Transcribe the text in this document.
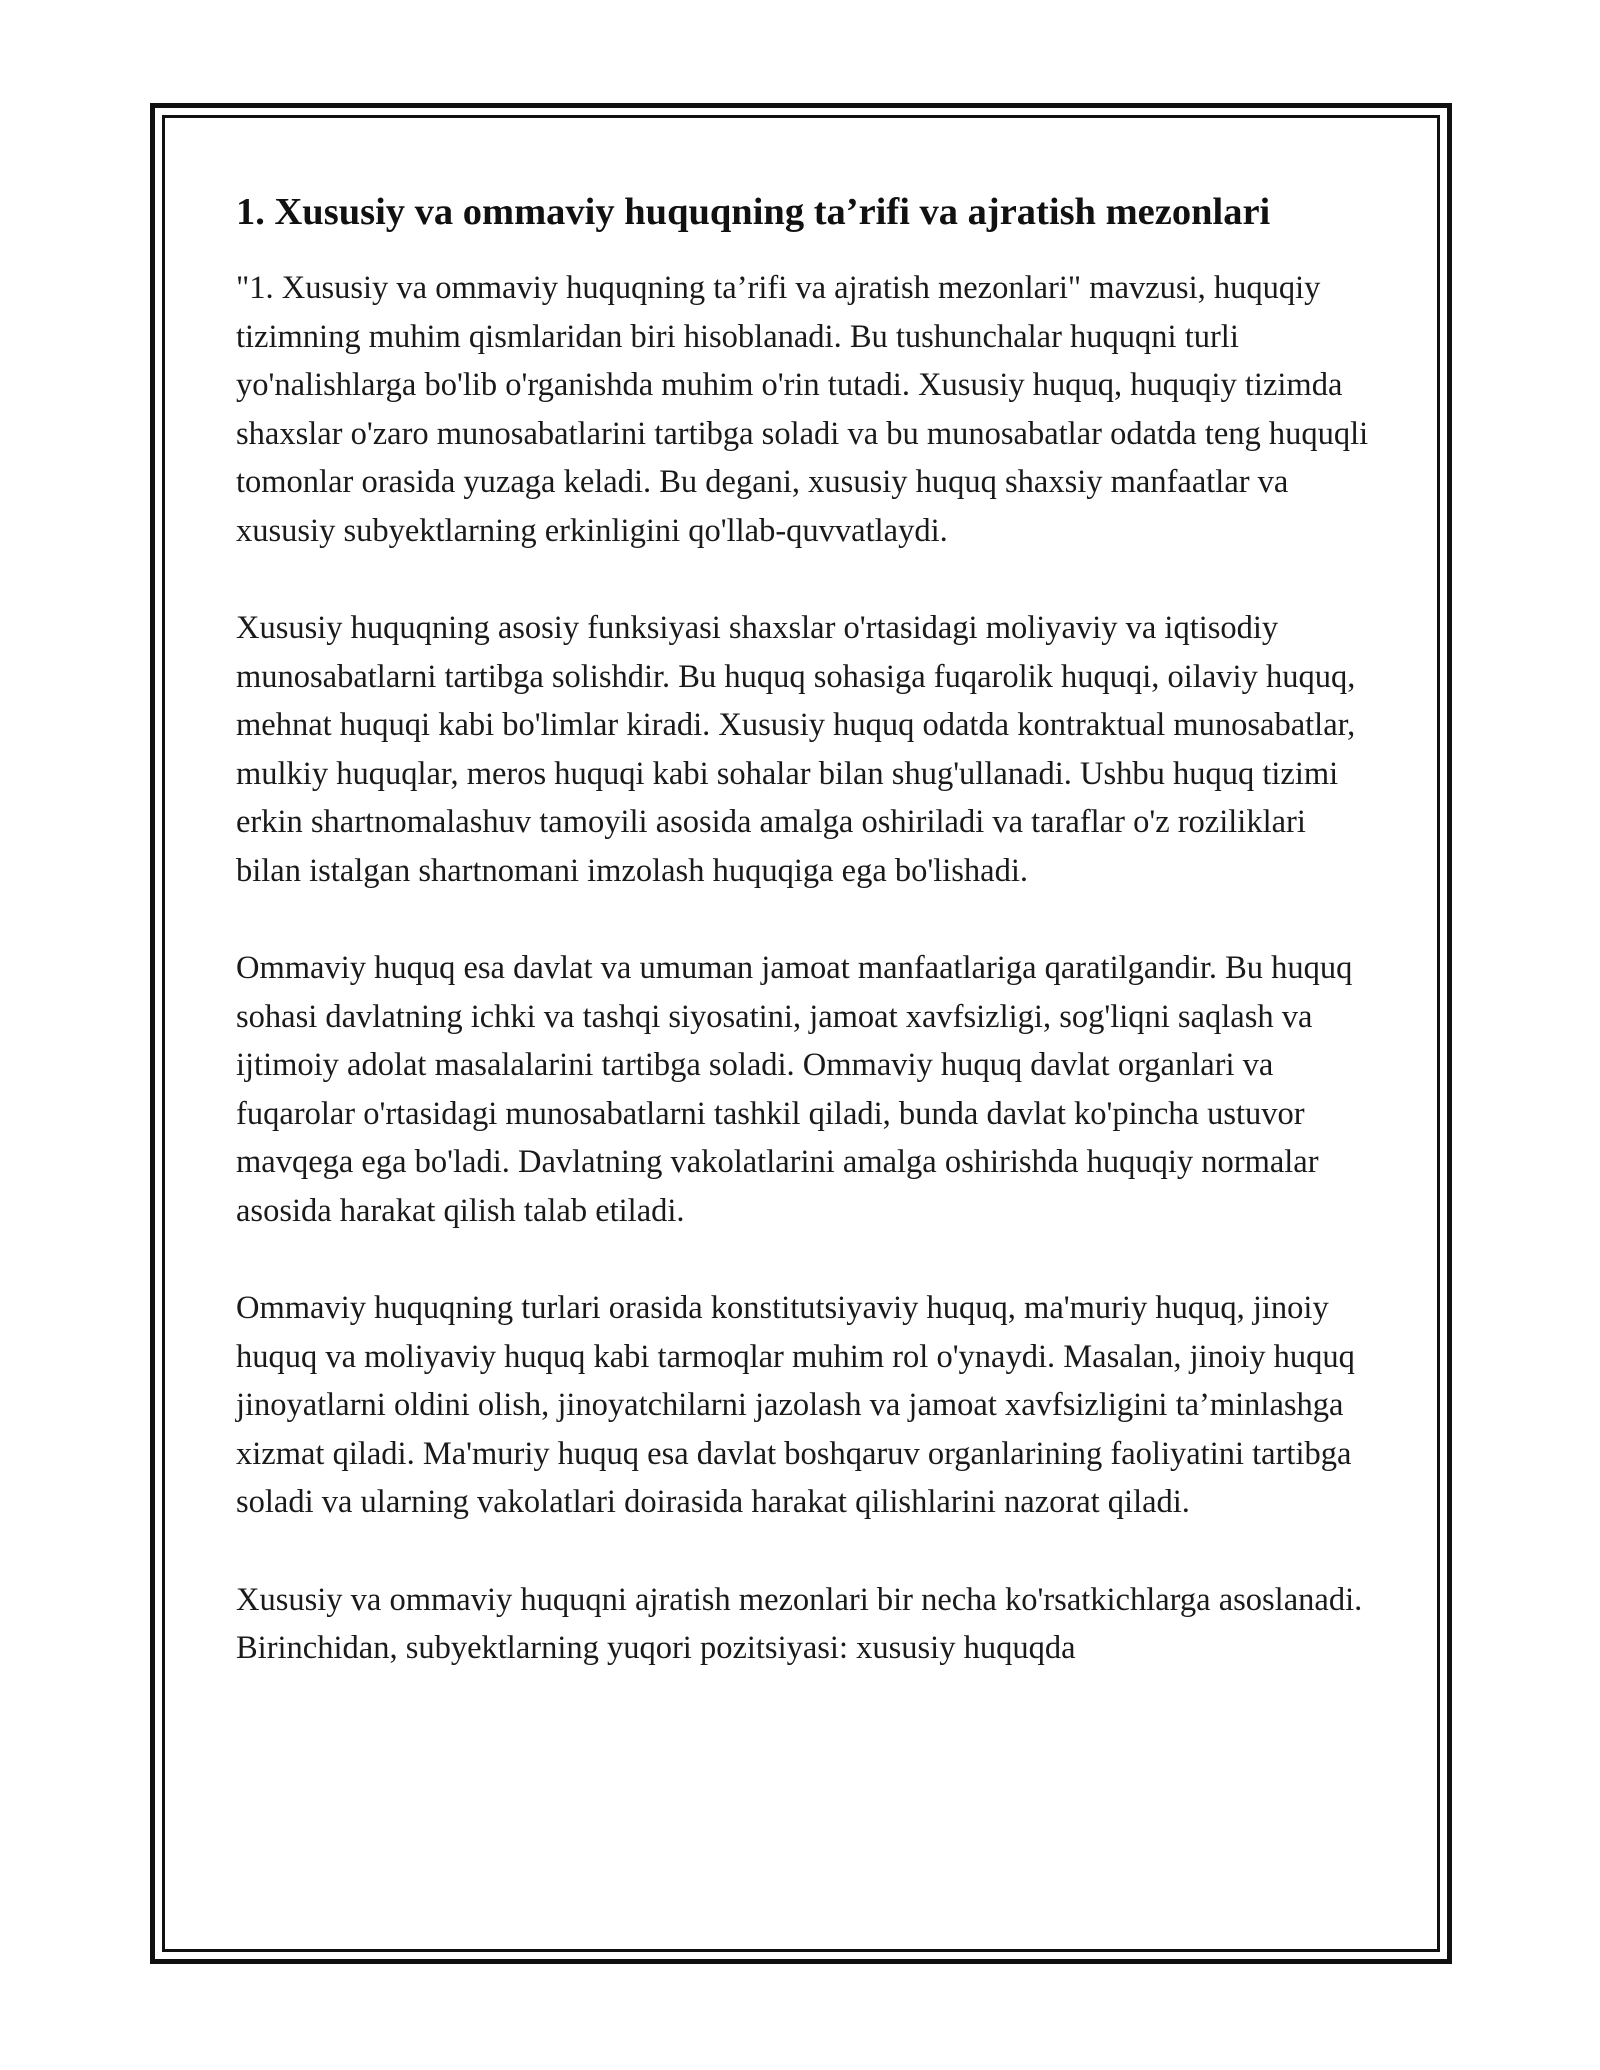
1. Xususiy va ommaviy huquqning ta’rifi va ajratish mezonlari

"1. Xususiy va ommaviy huquqning ta’rifi va ajratish mezonlari" mavzusi, huquqiy tizimning muhim qismlaridan biri hisoblanadi. Bu tushunchalar huquqni turli yo'nalishlarga bo'lib o'rganishda muhim o'rin tutadi. Xususiy huquq, huquqiy tizimda shaxslar o'zaro munosabatlarini tartibga soladi va bu munosabatlar odatda teng huquqli tomonlar orasida yuzaga keladi. Bu degani, xususiy huquq shaxsiy manfaatlar va xususiy subyektlarning erkinligini qo'llab-quvvatlaydi.

Xususiy huquqning asosiy funksiyasi shaxslar o'rtasidagi moliyaviy va iqtisodiy munosabatlarni tartibga solishdir. Bu huquq sohasiga fuqarolik huquqi, oilaviy huquq, mehnat huquqi kabi bo'limlar kiradi. Xususiy huquq odatda kontraktual munosabatlar, mulkiy huquqlar, meros huquqi kabi sohalar bilan shug'ullanadi. Ushbu huquq tizimi erkin shartnomalashuv tamoyili asosida amalga oshiriladi va taraflar o'z roziliklari bilan istalgan shartnomani imzolash huquqiga ega bo'lishadi.

Ommaviy huquq esa davlat va umuman jamoat manfaatlariga qaratilgandir. Bu huquq sohasi davlatning ichki va tashqi siyosatini, jamoat xavfsizligi, sog'liqni saqlash va ijtimoiy adolat masalalarini tartibga soladi. Ommaviy huquq davlat organlari va fuqarolar o'rtasidagi munosabatlarni tashkil qiladi, bunda davlat ko'pincha ustuvor mavqega ega bo'ladi. Davlatning vakolatlarini amalga oshirishda huquqiy normalar asosida harakat qilish talab etiladi.

Ommaviy huquqning turlari orasida konstitutsiyaviy huquq, ma'muriy huquq, jinoiy huquq va moliyaviy huquq kabi tarmoqlar muhim rol o'ynaydi. Masalan, jinoiy huquq jinoyatlarni oldini olish, jinoyatchilarni jazolash va jamoat xavfsizligini ta’minlashga xizmat qiladi. Ma'muriy huquq esa davlat boshqaruv organlarining faoliyatini tartibga soladi va ularning vakolatlari doirasida harakat qilishlarini nazorat qiladi.

Xususiy va ommaviy huquqni ajratish mezonlari bir necha ko'rsatkichlarga asoslanadi. Birinchidan, subyektlarning yuqori pozitsiyasi: xususiy huquqda
